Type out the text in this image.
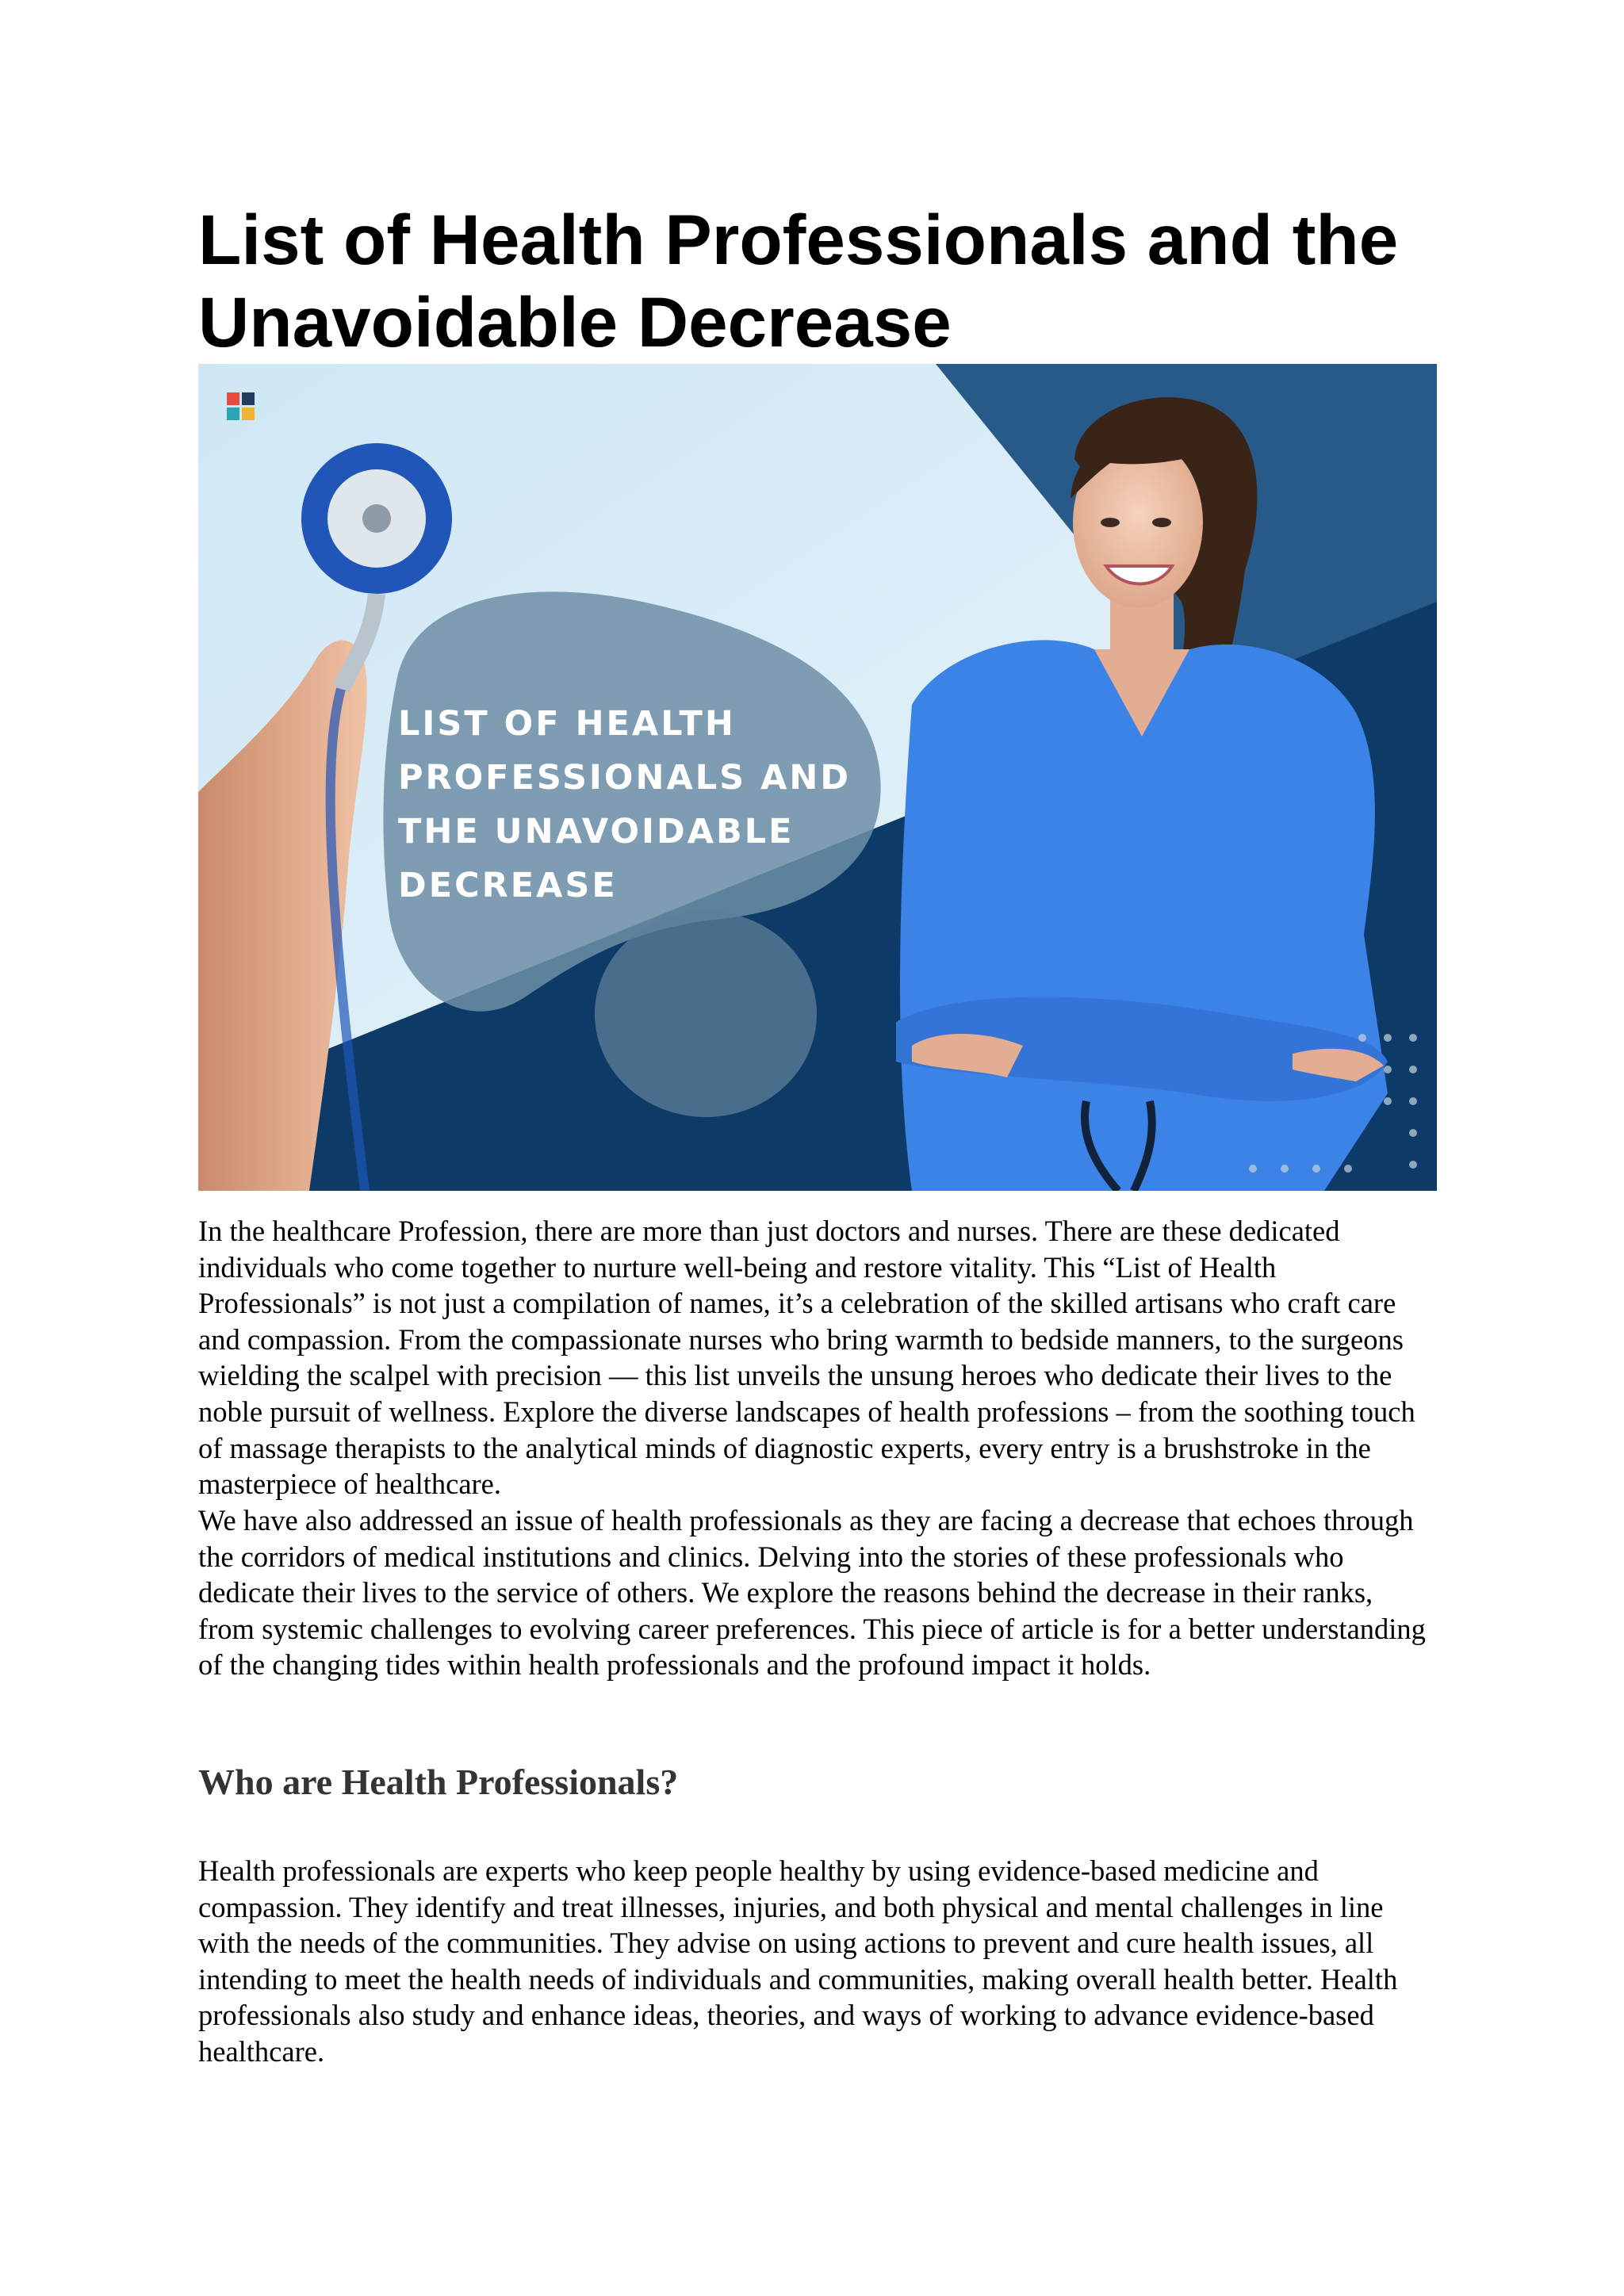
List of Health Professionals and the Unavoidable Decrease
LIST OF HEALTH
PROFESSIONALS AND
THE UNAVOIDABLE
DECREASE

In the healthcare Profession, there are more than just doctors and nurses. There are these dedicated individuals who come together to nurture well-being and restore vitality. This “List of Health Professionals” is not just a compilation of names, it’s a celebration of the skilled artisans who craft care and compassion. From the compassionate nurses who bring warmth to bedside manners, to the surgeons wielding the scalpel with precision — this list unveils the unsung heroes who dedicate their lives to the noble pursuit of wellness. Explore the diverse landscapes of health professions – from the soothing touch of massage therapists to the analytical minds of diagnostic experts, every entry is a brushstroke in the masterpiece of healthcare.

We have also addressed an issue of health professionals as they are facing a decrease that echoes through the corridors of medical institutions and clinics. Delving into the stories of these professionals who dedicate their lives to the service of others. We explore the reasons behind the decrease in their ranks, from systemic challenges to evolving career preferences. This piece of article is for a better understanding of the changing tides within health professionals and the profound impact it holds.

Who are Health Professionals?

Health professionals are experts who keep people healthy by using evidence-based medicine and compassion. They identify and treat illnesses, injuries, and both physical and mental challenges in line with the needs of the communities. They advise on using actions to prevent and cure health issues, all intending to meet the health needs of individuals and communities, making overall health better. Health professionals also study and enhance ideas, theories, and ways of working to advance evidence-based healthcare.
